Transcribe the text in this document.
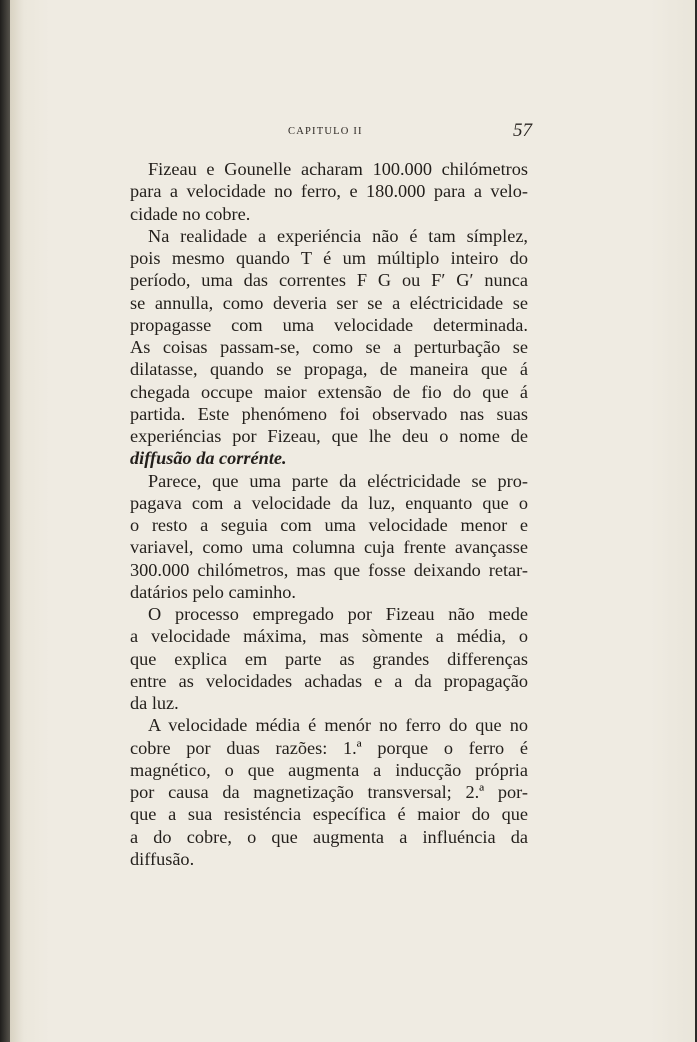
CAPITULO II	57
Fizeau e Gounelle acharam 100.000 chilómetros
para a velocidade no ferro, e 180.000 para a velo-
cidade no cobre.
Na realidade a experiéncia não é tam símplez,
pois mesmo quando T é um múltiplo inteiro do
período, uma das correntes F G ou F′ G′ nunca
se annulla, como deveria ser se a eléctricidade se
propagasse com uma velocidade determinada.
As coisas passam-se, como se a perturbação se
dilatasse, quando se propaga, de maneira que á
chegada occupe maior extensão de fio do que á
partida. Este phenómeno foi observado nas suas
experiéncias por Fizeau, que lhe deu o nome de
diffusão da corrénte.
Parece, que uma parte da eléctricidade se pro-
pagava com a velocidade da luz, enquanto que o
o resto a seguia com uma velocidade menor e
variavel, como uma columna cuja frente avançasse
300.000 chilómetros, mas que fosse deixando retar-
datários pelo caminho.
O processo empregado por Fizeau não mede
a velocidade máxima, mas sòmente a média, o
que explica em parte as grandes differenças
entre as velocidades achadas e a da propagação
da luz.
A velocidade média é menór no ferro do que no
cobre por duas razões: 1.ª porque o ferro é
magnético, o que augmenta a inducção própria
por causa da magnetização transversal; 2.ª por-
que a sua resisténcia específica é maior do que
a do cobre, o que augmenta a influéncia da
diffusão.
